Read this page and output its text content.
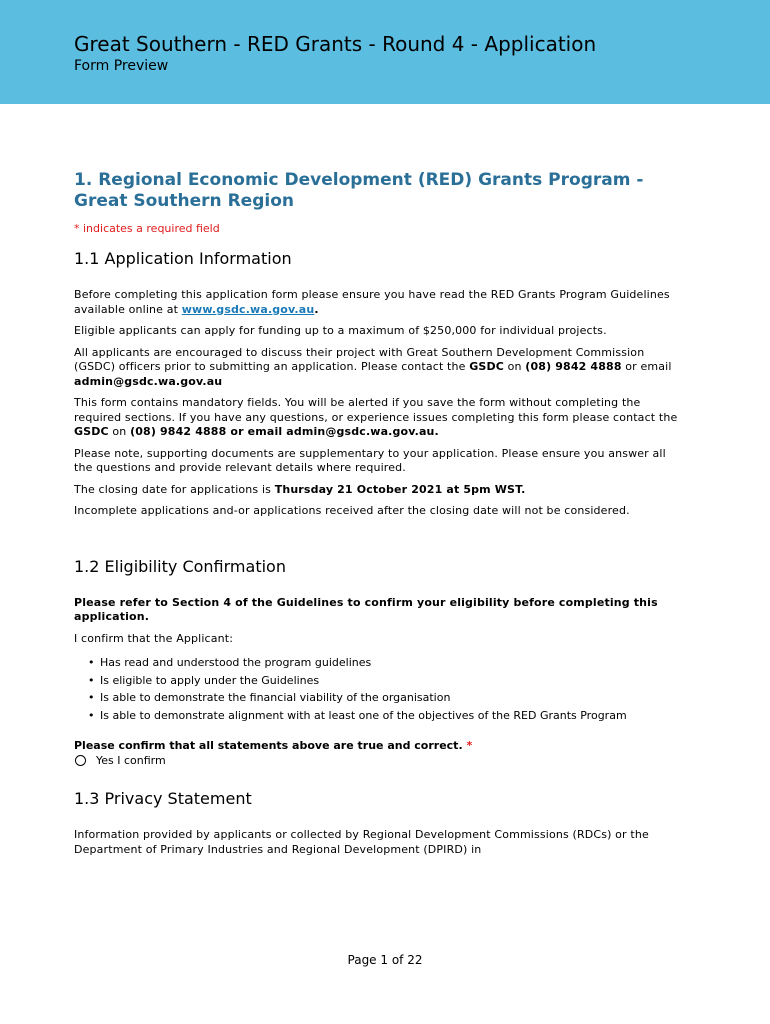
Great Southern - RED Grants - Round 4 - Application
Form Preview
1. Regional Economic Development (RED) Grants Program - Great Southern Region

* indicates a required field

1.1 Application Information

Before completing this application form please ensure you have read the RED Grants Program Guidelines available online at www.gsdc.wa.gov.au.

Eligible applicants can apply for funding up to a maximum of $250,000 for individual projects.

All applicants are encouraged to discuss their project with Great Southern Development Commission (GSDC) officers prior to submitting an application. Please contact the GSDC on (08) 9842 4888 or email admin@gsdc.wa.gov.au

This form contains mandatory fields. You will be alerted if you save the form without completing the required sections. If you have any questions, or experience issues completing this form please contact the GSDC on (08) 9842 4888 or email admin@gsdc.wa.gov.au.

Please note, supporting documents are supplementary to your application. Please ensure you answer all the questions and provide relevant details where required.

The closing date for applications is Thursday 21 October 2021 at 5pm WST.

Incomplete applications and-or applications received after the closing date will not be considered.

1.2 Eligibility Confirmation

Please refer to Section 4 of the Guidelines to confirm your eligibility before completing this application.

I confirm that the Applicant:

• Has read and understood the program guidelines
• Is eligible to apply under the Guidelines
• Is able to demonstrate the financial viability of the organisation
• Is able to demonstrate alignment with at least one of the objectives of the RED Grants Program

Please confirm that all statements above are true and correct. *

Yes I confirm
1.3 Privacy Statement

Information provided by applicants or collected by Regional Development Commissions (RDCs) or the Department of Primary Industries and Regional Development (DPIRD) in

Page 1 of 22
